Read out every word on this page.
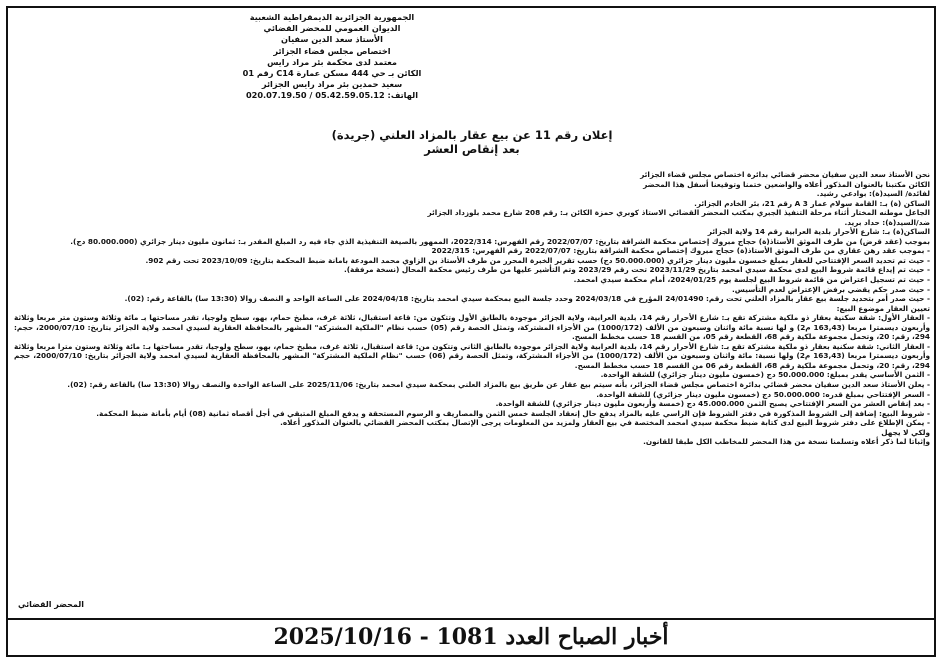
الجمهورية الجزائرية الديمقراطية الشعبية
الديوان العمومي للمحضر القضائي
الأستاذ سعد الدين سفيان
اختصاص مجلس قضاء الجزائر
معتمد لدى محكمة بئر مراد رايس
الكائن بـ حي 444 مسكن عمارة C14 رقم 01
سعيد حمدين بئر مراد رايس الجزائر
الهاتف: 05.42.59.05.12 / 020.07.19.50
إعلان رقم 11 عن بيع عقار بالمزاد العلني (جريدة)
بعد إنقاص العشر

نحن الأستاذ سعد الدين سفيان محضر قضائي بدائرة اختصاص مجلس قضاء الجزائر

الكائن مكتبنا بالعنوان المذكور أعلاه والواضعين ختمنا وتوقيعنا أسفل هذا المحضر

لفائدة/ السيد(ة): بوادعي رشيد.

الساكن (ة) بـ: القامة سولام عمار A 3 رقم 21، بئر الخادم الجزائر.

الجاعل موطنه المختار أثناء مرحلة التنفيذ الجبري بمكتب المحضر القضائي الاستاذ كوبري حمزة الكائن بـ: رقم 208 شارع محمد بلوزداد الجزائر

ضد/السيد(ة): حداد بريد.

الساكن(ة) بـ: شارع الأحرار بلدية العرابية رقم 14 ولاية الجزائر

بموجب (عقد قرض) من طرف الموثق الأستاذ(ة) حجاج مبروك إختصاص محكمة الشراقة بتاريخ: 2022/07/07 رقم الفهرس: 2022/314، الممهور بالصيغة التنفيذية الذي جاء فيه رد المبلغ المقدر بـ: ثمانون مليون دينار جزائري (80.000.000 دج).

- بموجب عقد رهن عقاري من طرف الموثق الأستاذ(ة) حجاج مبروك إختصاص محكمة الشراقة بتاريخ: 2022/07/07 رقم الفهرس: 2022/315

- حيث تم تحديد السعر الإفتتاحي للعقار بمبلغ خمسون مليون دينار جزائري (50.000.000 دج) حسب تقرير الخبرة المحرر من طرف الأستاذ بن الزاوي محمد المودعة بامانة ضبط المحكمة بتاريخ: 2023/10/09 تحت رقم 902.

- حيث تم إيداع قائمة شروط البيع لدى محكمة سيدي امحمد بتاريخ 2023/11/29 تحت رقم 2023/29 وتم التأشير عليها من طرف رئيس محكمة المحال (نسخة مرفقة).

- حيث تم تسجيل اعتراض من قائمة شروط البيع لجلسة يوم 2024/01/25، أمام محكمة سيدي امحمد.

- حيث صدر حكم يقضي برفض الإعتراض لعدم التأسيس.

- حيث صدر أمر بتحديد جلسة بيع عقار بالمزاد العلني تحت رقم: 24/01490 المؤرخ في 2024/03/18 وحدد جلسة البيع بمحكمة سيدي امحمد بتاريخ: 2024/04/18 على الساعة الواحد و النصف زوالا (13:30 سا) بالقاعة رقم: (02).

تعيين العقار موضوع البيع:

- العقار الأول: شقة سكنية بعقار ذو ملكية مشتركة تقع بـ: شارع الأحرار رقم 14، بلدية العرابية، ولاية الجزائر موجودة بالطابق الأول وتتكون من: قاعة استقبال، ثلاثة غرف، مطبخ حمام، بهو، سطح ولوجيا، تقدر مساحتها بـ مائة وثلاثة وستون متر مربعا وثلاثة وأربعون ديسمترا مربعا (163,43 م2) و لها نسبة مائة واثنان وسبعون من الألف (1000/172) من الأجزاء المشتركة، وتمثل الحصة رقم (05) حسب نظام "الملكية المشتركة" المشهر بالمحافظة العقارية لسيدي امحمد ولاية الجزائر بتاريخ: 2000/07/10، حجم: 294، رقم: 20، وتحمل مجموعة ملكية رقم 68، القطعة رقم 05، من القسم 18 حسب مخطط المسح.

- العقار الثاني: شقة سكنية بعقار ذو ملكية مشتركة تقع بـ: شارع الأحرار رقم 14، بلدية العرابية ولاية الجزائر موجودة بالطابق الثاني وتتكون من: قاعة استقبال، ثلاثة غرف، مطبخ حمام، بهو، سطح ولوجيا، تقدر مساحتها بـ: مائة وثلاثة وستون مترا مربعا وثلاثة وأربعون ديسمترا مربعا (163,43 م2) ولها نسبة: مائة واثنان وسبعون من الألف (1000/172) من الأجزاء المشتركة، وتمثل الحصة رقم (06) حسب "نظام الملكية المشتركة" المشهر بالمحافظة العقارية لسيدي امحمد ولاية الجزائر بتاريخ: 2000/07/10، حجم 294، رقم: 20، وتحمل مجموعة ملكية رقم 68، القطعة رقم 06 من القسم 18 حسب مخطط المسح.

- الثمن الأساسي يقدر بمبلغ: 50.000.000 دج (خمسون مليون دينار جزائري) للشقة الواحدة.

- يعلن الأستاذ سعد الدين سفيان محضر قضائي بدائرة اختصاص مجلس قضاء الجزائر، بأنه سيتم بيع عقار عن طريق بيع بالمزاد العلني بمحكمة سيدي امحمد بتاريخ: 2025/11/06 على الساعة الواحدة والنصف زوالا (13:30 سا) بالقاعة رقم: (02).

- السعر الإفتتاحي بمبلغ قدره: 50.000.000 دج (خمسون مليون دينار جزائري) للشقة الواحدة.

- بعد إنقاص العشر من السعر الإفتتاحي يصبح الثمن 45.000.000 دج (خمسة وأربعون مليون دينار جزائري) للشقة الواحدة.

- شروط البيع: إضافة إلى الشروط المذكورة في دفتر الشروط فإن الراسي عليه بالمزاد يدفع حال إنعقاد الجلسة خمس الثمن والمصاريف و الرسوم المستحقة و يدفع المبلغ المتبقي في أجل أقصاه ثمانية (08) أيام بأمانة ضبط المحكمة.

- يمكن الإطلاع على دفتر شروط البيع لدى كتابة ضبط محكمة سيدي امحمد المختصة في بيع العقار ولمزيد من المعلومات يرجى الإتصال بمكتب المحضر القضائي بالعنوان المذكور أعلاه.

ولكي لا يجهل

وإثباتا لما ذكر أعلاه وتسلمنا نسخة من هذا المحضر للمخاطب الكل طبقا للقانون.

المحضر القضائي
أخبار الصباح العدد 1081 - 2025/10/16
